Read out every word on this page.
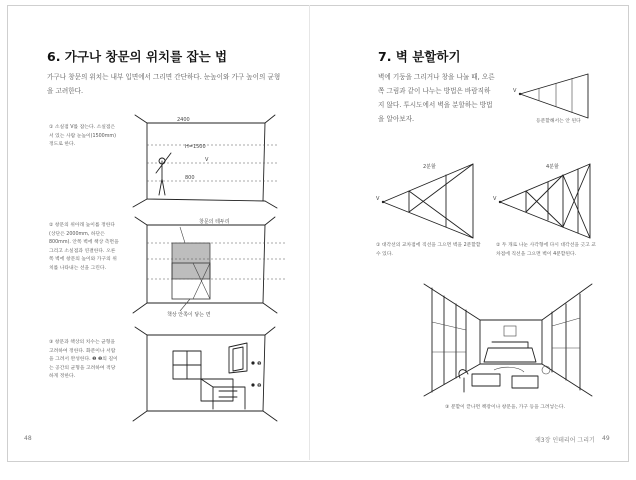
6. 가구나 창문의 위치를 잡는 법
가구나 창문의 위치는 내부 입면에서 그리면 간단하다. 눈높이와 가구 높이의 균형을 고려한다.
① 소실점 V를 잡는다. 소실점은 서 있는 사람 눈높이(1500mm) 정도로 한다.
② 창문의 위아래 높이를 정한다(상단은 2000mm, 하단은 800mm). 안쪽 벽에 책상 측면을 그리고 소실점과 연결한다. 오른쪽 벽에 창문의 높이와 가구의 위치를 나타내는 선을 그린다.
③ 창문과 책상의 치수는 균형을 고려하여 정한다. 화분이나 서랍을 그려서 완성한다. ❶ ❷의 길이는 공간의 균형을 고려하여 적당하게 정한다.
2400
H=1500
V
800
창문의 테두리
책상 안쪽이 닿는 면
❶
❷
48
7. 벽 분할하기
벽에 기둥을 그리거나 창을 나눌 때, 오른쪽 그림과 같이 나누는 방법은 바람직하지 않다. 투시도에서 벽을 분할하는 방법을 알아보자.
V
등분할해서는 안 된다
V
2분할
V
4분할
① 대각선의 교차점에 직선을 그으면 벽을 2분할할 수 있다.
② 두 개로 나눈 사각형에 다시 대각선을 긋고 교차점에 직선을 그으면 벽이 4분할된다.
③ 분할이 끝나면 책장이나 창문을, 가구 등을 그려넣는다.
제3장 인테리어 그리기 49
